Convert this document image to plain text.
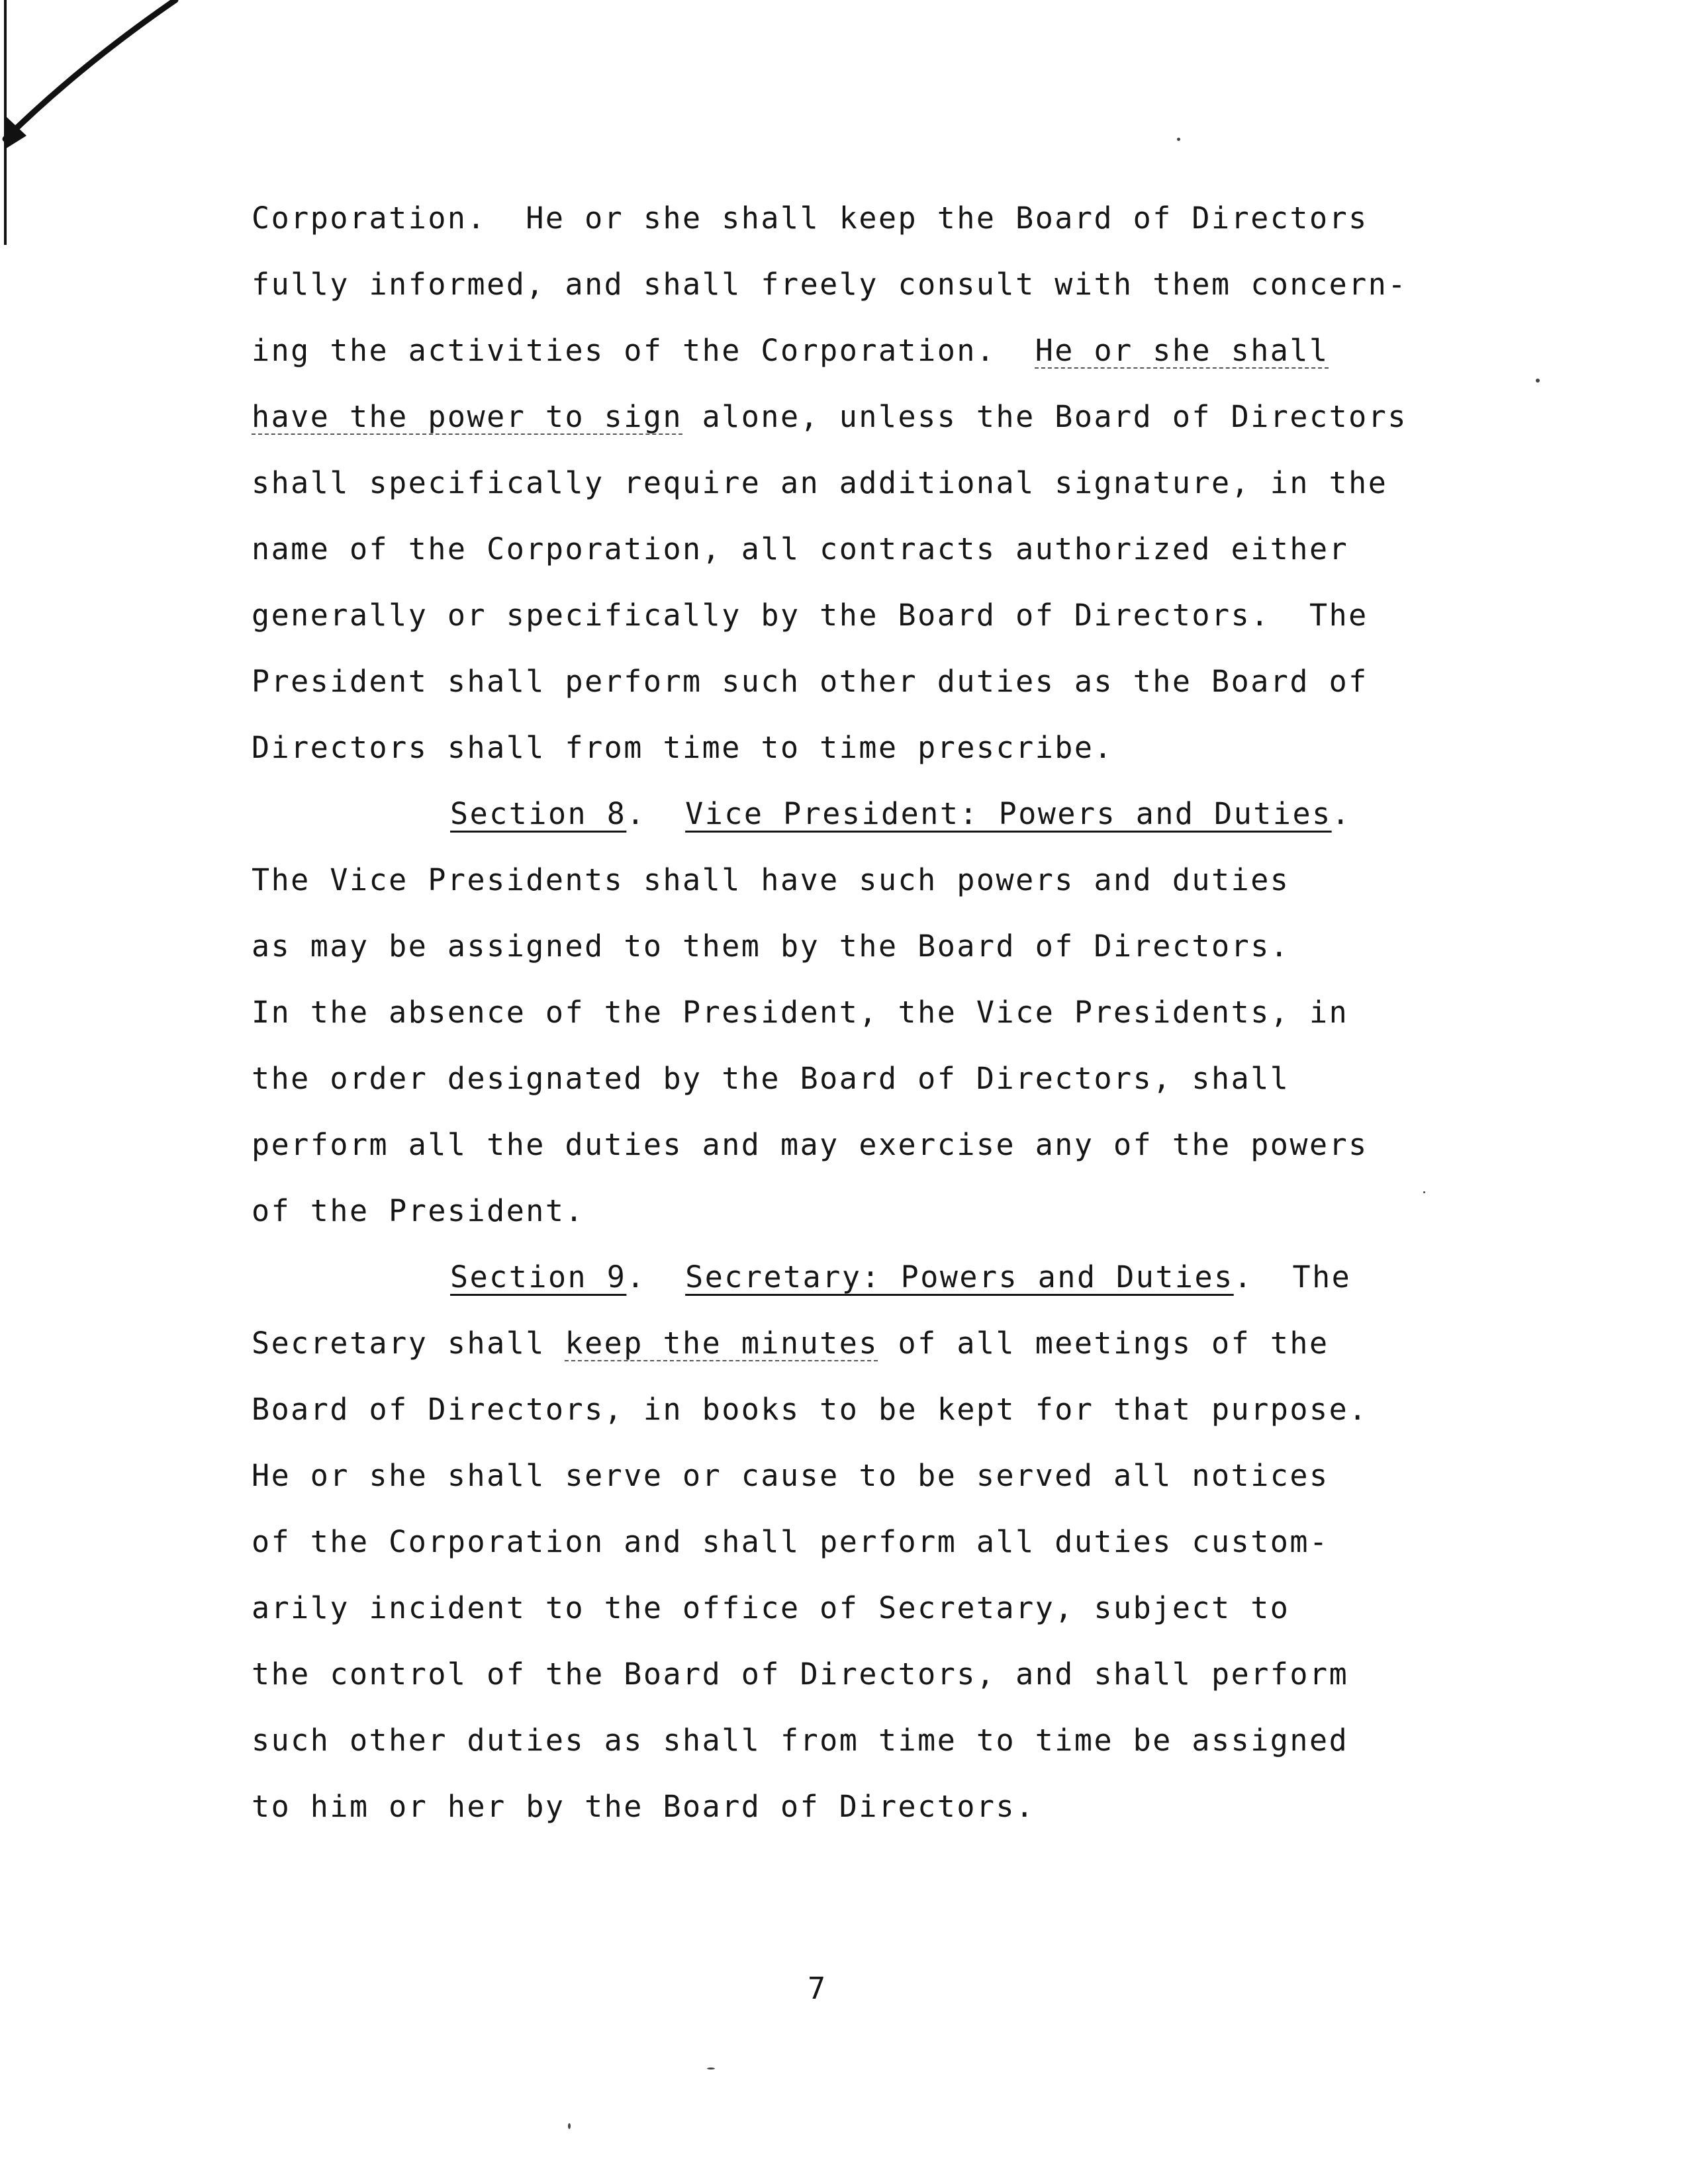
Corporation.  He or she shall keep the Board of Directors
fully informed, and shall freely consult with them concern-
ing the activities of the Corporation.  He or she shall
have the power to sign alone, unless the Board of Directors
shall specifically require an additional signature, in the
name of the Corporation, all contracts authorized either
generally or specifically by the Board of Directors.  The
President shall perform such other duties as the Board of
Directors shall from time to time prescribe.
Section 8.  Vice President: Powers and Duties.
The Vice Presidents shall have such powers and duties
as may be assigned to them by the Board of Directors.
In the absence of the President, the Vice Presidents, in
the order designated by the Board of Directors, shall
perform all the duties and may exercise any of the powers
of the President.
Section 9.  Secretary: Powers and Duties.  The
Secretary shall keep the minutes of all meetings of the
Board of Directors, in books to be kept for that purpose.
He or she shall serve or cause to be served all notices
of the Corporation and shall perform all duties custom-
arily incident to the office of Secretary, subject to
the control of the Board of Directors, and shall perform
such other duties as shall from time to time be assigned
to him or her by the Board of Directors.
7
